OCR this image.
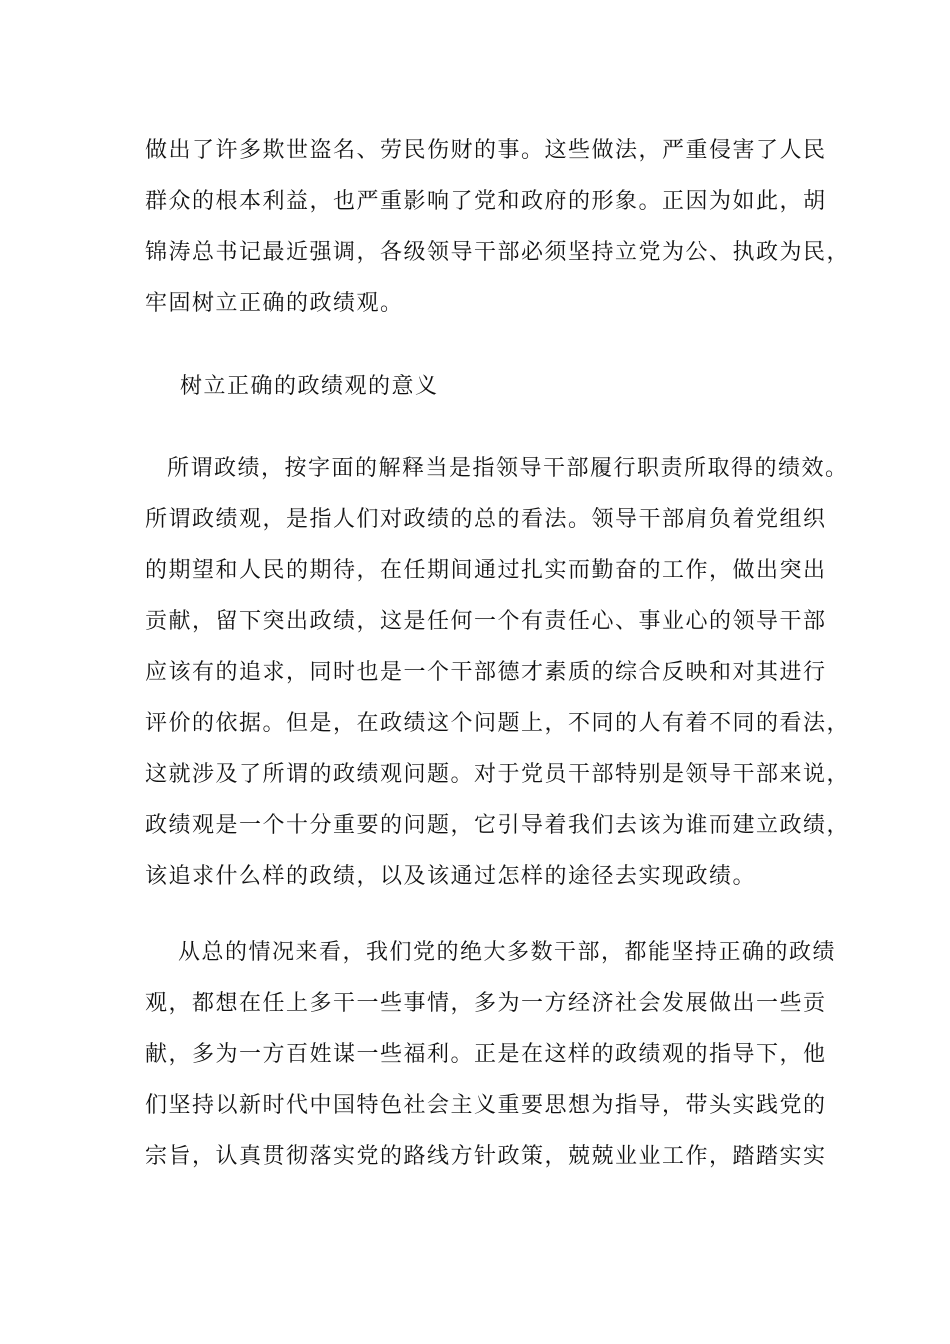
做出了许多欺世盗名、劳民伤财的事。这些做法，严重侵害了人民
群众的根本利益，也严重影响了党和政府的形象。正因为如此，胡
锦涛总书记最近强调，各级领导干部必须坚持立党为公、执政为民，
牢固树立正确的政绩观。
树立正确的政绩观的意义
所谓政绩，按字面的解释当是指领导干部履行职责所取得的绩效。
所谓政绩观，是指人们对政绩的总的看法。领导干部肩负着党组织
的期望和人民的期待，在任期间通过扎实而勤奋的工作，做出突出
贡献，留下突出政绩，这是任何一个有责任心、事业心的领导干部
应该有的追求，同时也是一个干部德才素质的综合反映和对其进行
评价的依据。但是，在政绩这个问题上，不同的人有着不同的看法，
这就涉及了所谓的政绩观问题。对于党员干部特别是领导干部来说，
政绩观是一个十分重要的问题，它引导着我们去该为谁而建立政绩，
该追求什么样的政绩，以及该通过怎样的途径去实现政绩。
从总的情况来看，我们党的绝大多数干部，都能坚持正确的政绩
观，都想在任上多干一些事情，多为一方经济社会发展做出一些贡
献，多为一方百姓谋一些福利。正是在这样的政绩观的指导下，他
们坚持以新时代中国特色社会主义重要思想为指导，带头实践党的
宗旨，认真贯彻落实党的路线方针政策，兢兢业业工作，踏踏实实
